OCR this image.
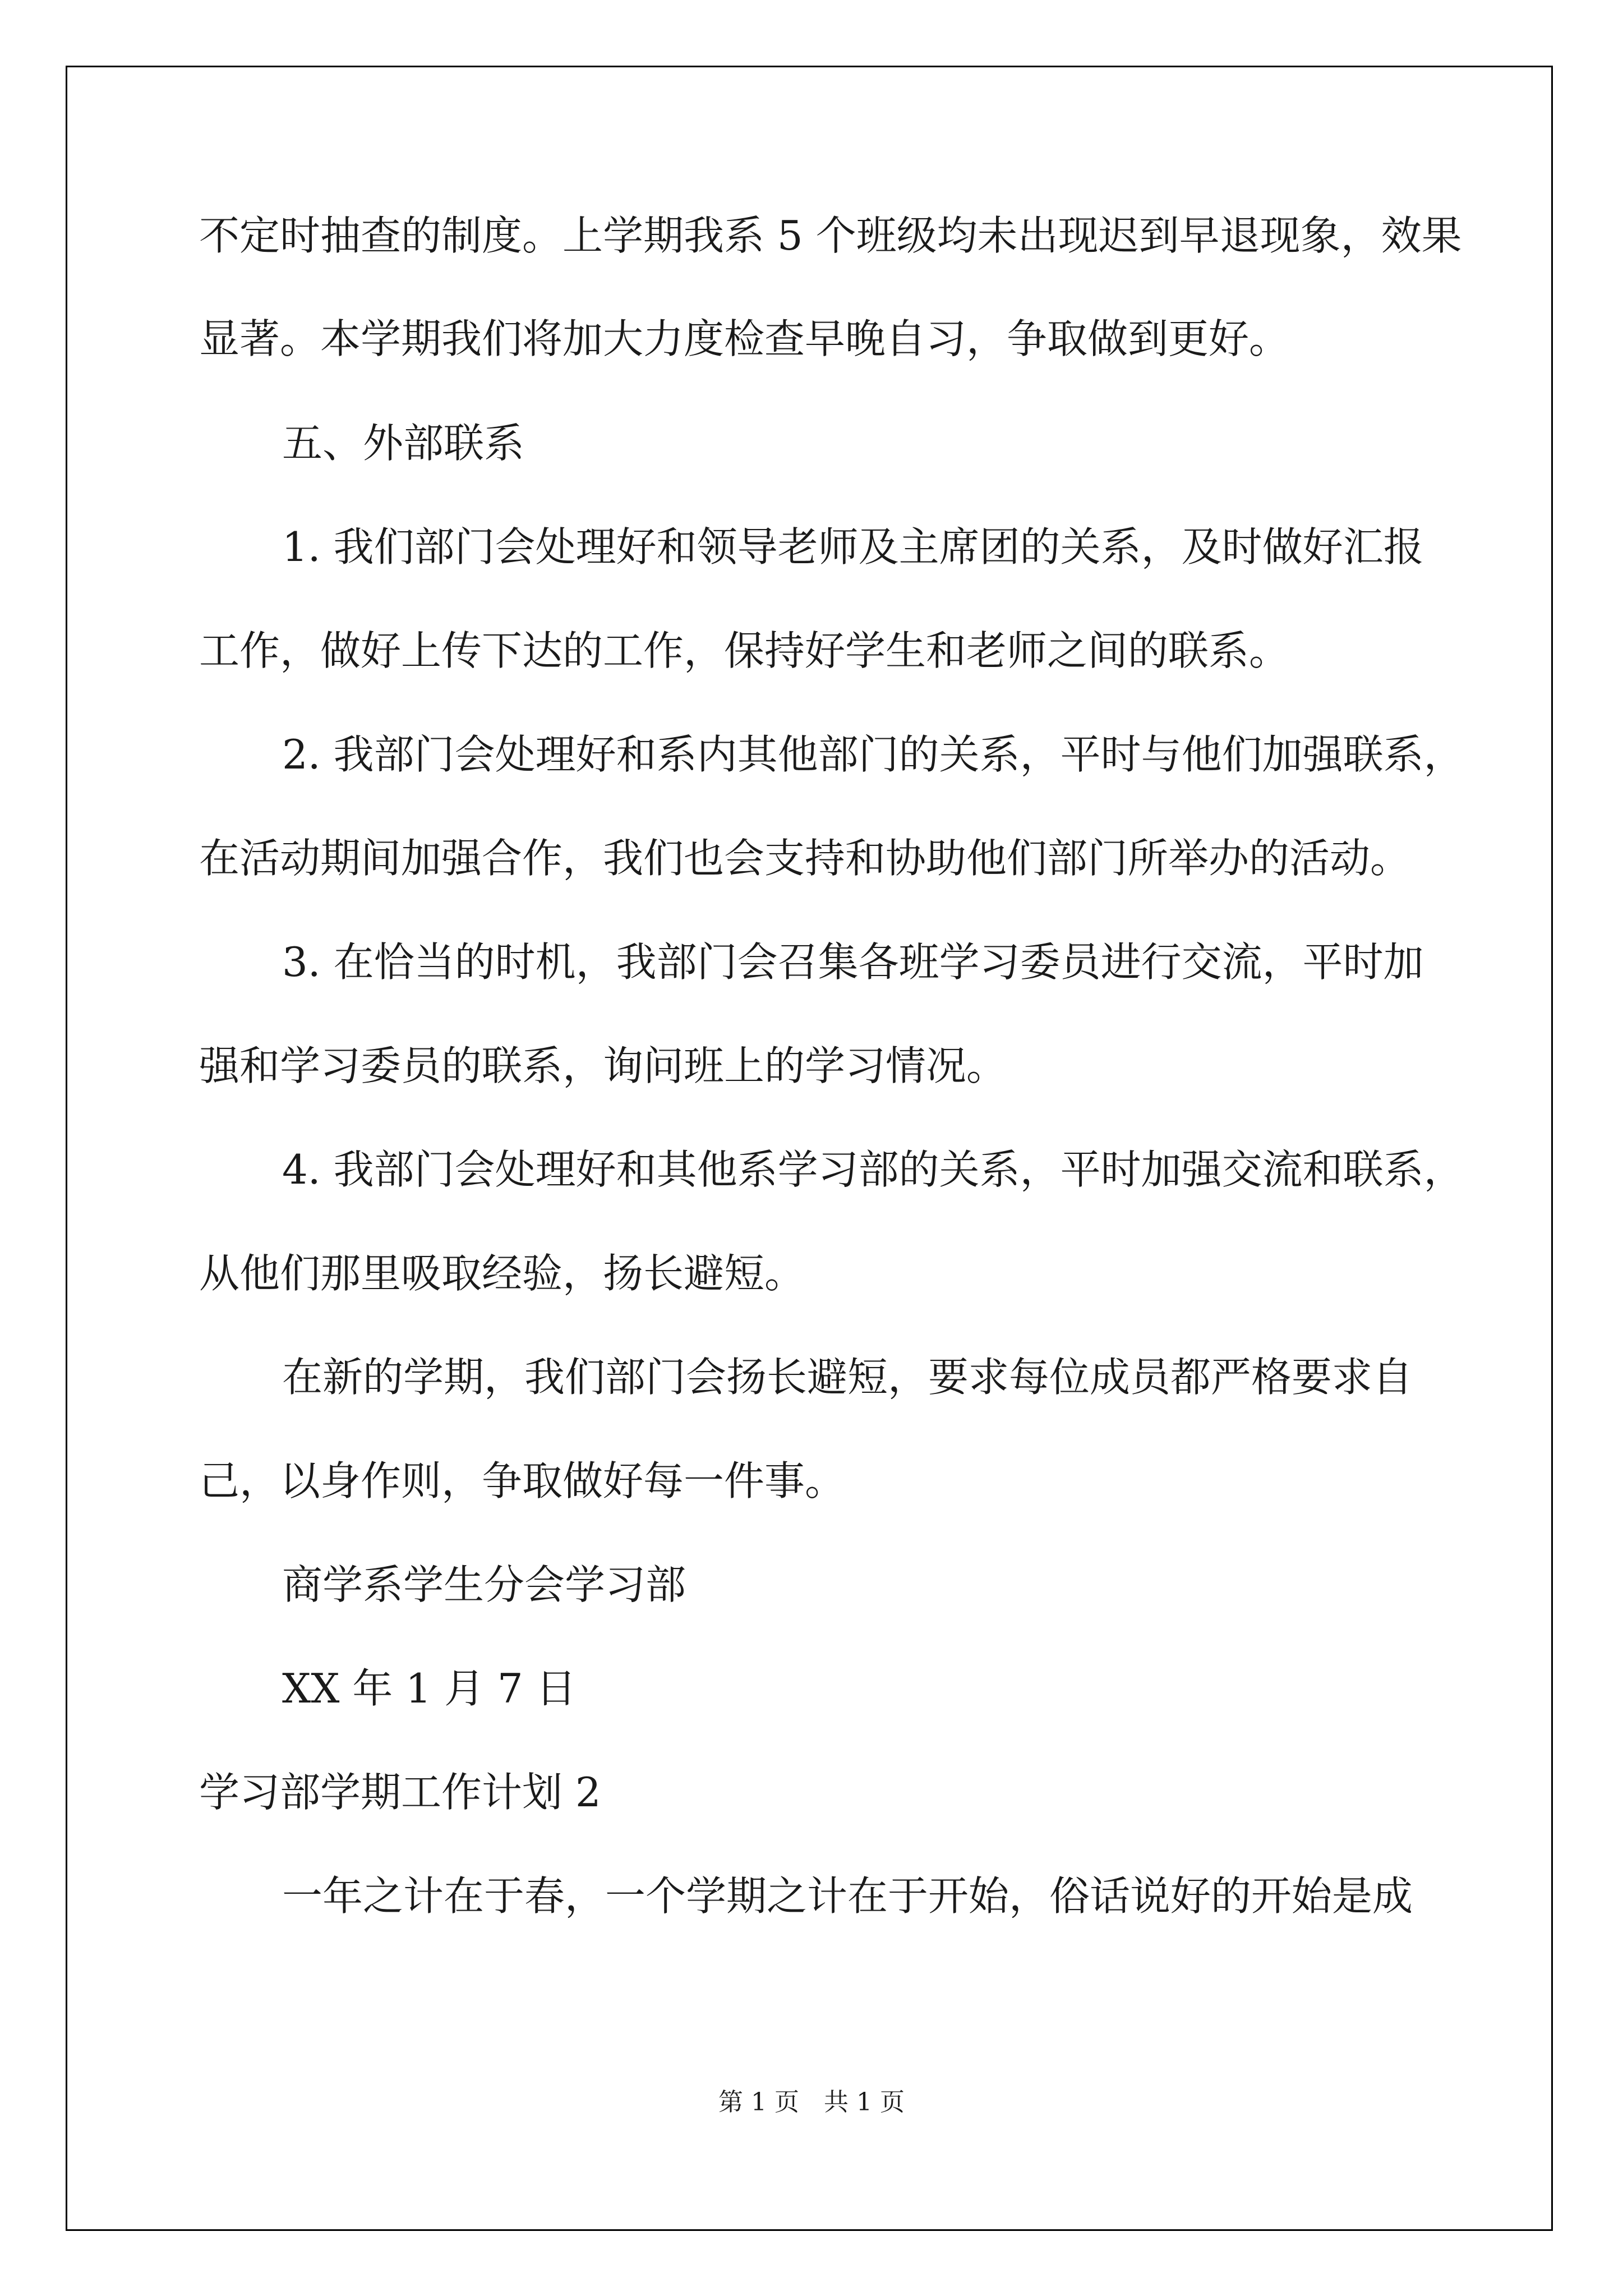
不定时抽查的制度。上学期我系 5 个班级均未出现迟到早退现象，效果
显著。本学期我们将加大力度检查早晚自习，争取做到更好。
五、外部联系
1. 我们部门会处理好和领导老师及主席团的关系，及时做好汇报
工作，做好上传下达的工作，保持好学生和老师之间的联系。
2. 我部门会处理好和系内其他部门的关系，平时与他们加强联系，
在活动期间加强合作，我们也会支持和协助他们部门所举办的活动。
3. 在恰当的时机，我部门会召集各班学习委员进行交流，平时加
强和学习委员的联系，询问班上的学习情况。
4. 我部门会处理好和其他系学习部的关系，平时加强交流和联系，
从他们那里吸取经验，扬长避短。
在新的学期，我们部门会扬长避短，要求每位成员都严格要求自
己，以身作则，争取做好每一件事。
商学系学生分会学习部
XX 年 1 月 7 日
学习部学期工作计划 2
一年之计在于春，一个学期之计在于开始，俗话说好的开始是成
第 1 页　共 1 页
